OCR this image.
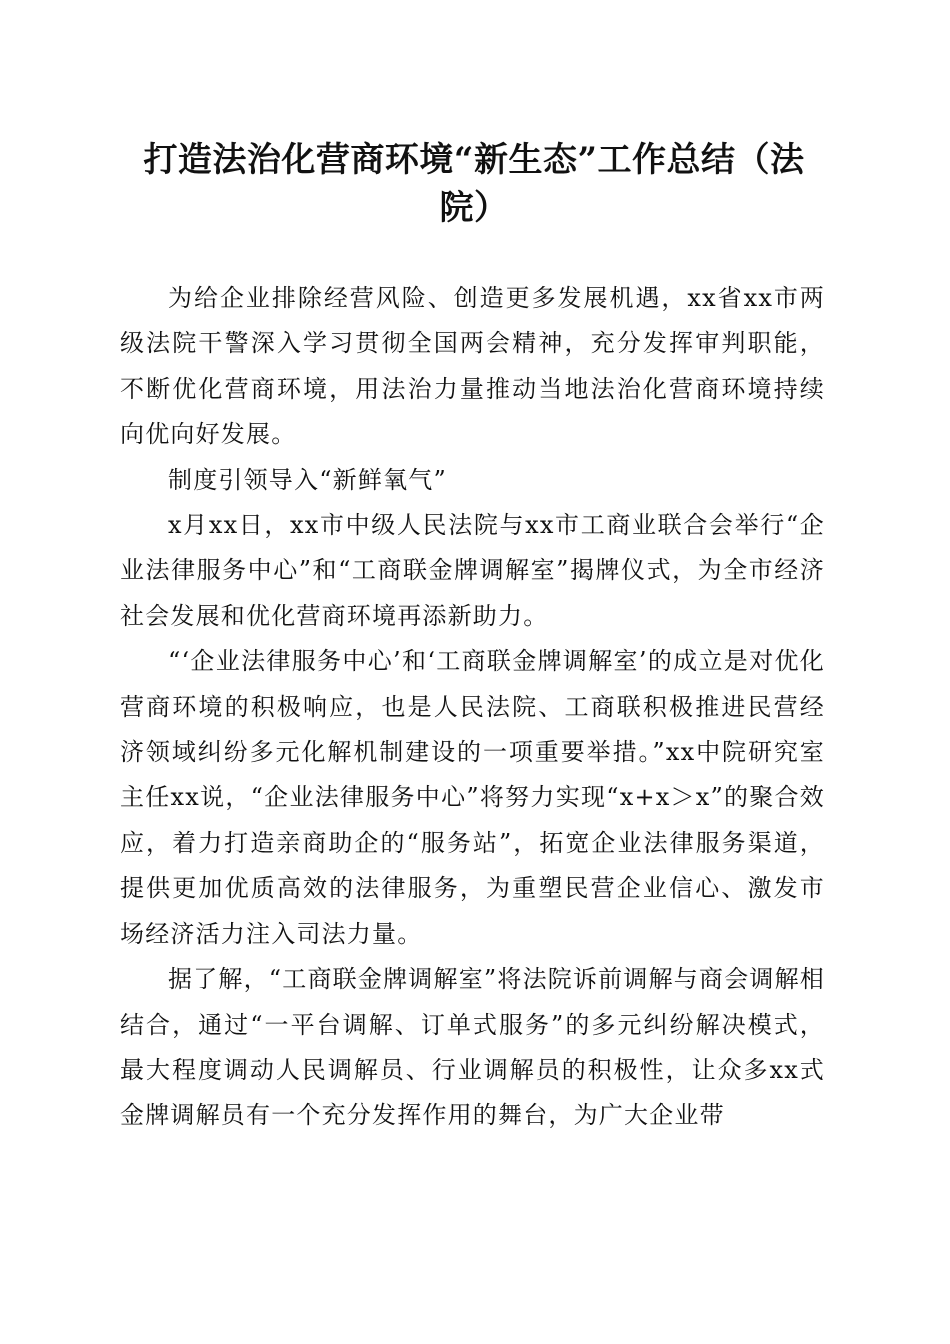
打造法治化营商环境“新生态”工作总结（法院）

为给企业排除经营风险、创造更多发展机遇，xx省xx市两级法院干警深入学习贯彻全国两会精神，充分发挥审判职能，不断优化营商环境，用法治力量推动当地法治化营商环境持续向优向好发展。

制度引领导入“新鲜氧气”

x月xx日，xx市中级人民法院与xx市工商业联合会举行“企业法律服务中心”和“工商联金牌调解室”揭牌仪式，为全市经济社会发展和优化营商环境再添新助力。

“‘企业法律服务中心’和‘工商联金牌调解室’的成立是对优化营商环境的积极响应，也是人民法院、工商联积极推进民营经济领域纠纷多元化解机制建设的一项重要举措。”xx中院研究室主任xx说，“企业法律服务中心”将努力实现“x+x＞x”的聚合效应，着力打造亲商助企的“服务站”，拓宽企业法律服务渠道，提供更加优质高效的法律服务，为重塑民营企业信心、激发市场经济活力注入司法力量。

据了解，“工商联金牌调解室”将法院诉前调解与商会调解相结合，通过“一平台调解、订单式服务”的多元纠纷解决模式，最大程度调动人民调解员、行业调解员的积极性，让众多xx式金牌调解员有一个充分发挥作用的舞台，为广大企业带
